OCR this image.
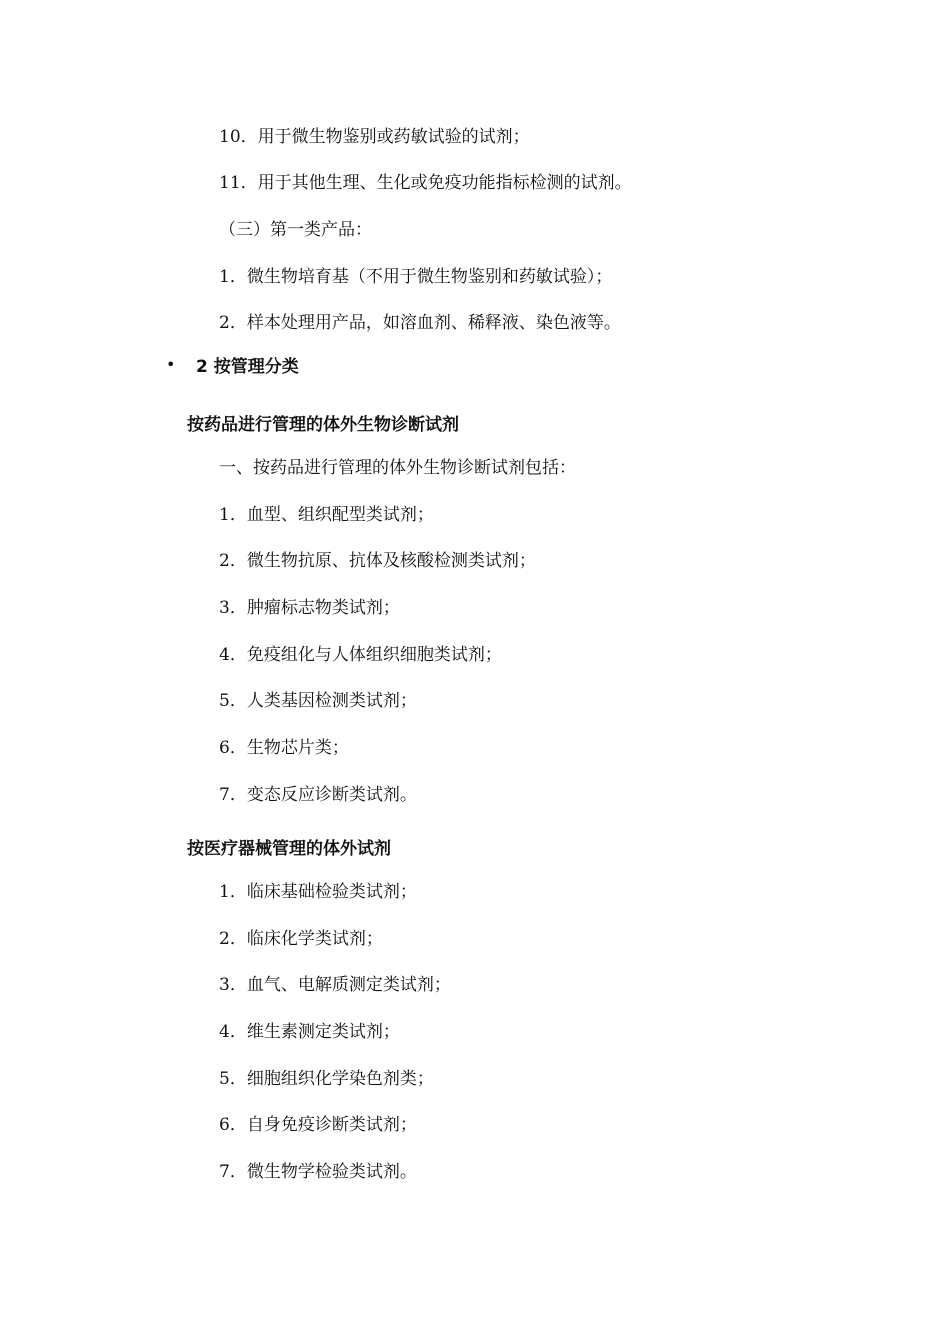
10．用于微生物鉴别或药敏试验的试剂；
11．用于其他生理、生化或免疫功能指标检测的试剂。
（三）第一类产品：
1．微生物培育基（不用于微生物鉴别和药敏试验）；
2．样本处理用产品，如溶血剂、稀释液、染色液等。
• 2 按管理分类
按药品进行管理的体外生物诊断试剂
一、按药品进行管理的体外生物诊断试剂包括：
1．血型、组织配型类试剂；
2．微生物抗原、抗体及核酸检测类试剂；
3．肿瘤标志物类试剂；
4．免疫组化与人体组织细胞类试剂；
5．人类基因检测类试剂；
6．生物芯片类；
7．变态反应诊断类试剂。
按医疗器械管理的体外试剂
1．临床基础检验类试剂；
2．临床化学类试剂；
3．血气、电解质测定类试剂；
4．维生素测定类试剂；
5．细胞组织化学染色剂类；
6．自身免疫诊断类试剂；
7．微生物学检验类试剂。
